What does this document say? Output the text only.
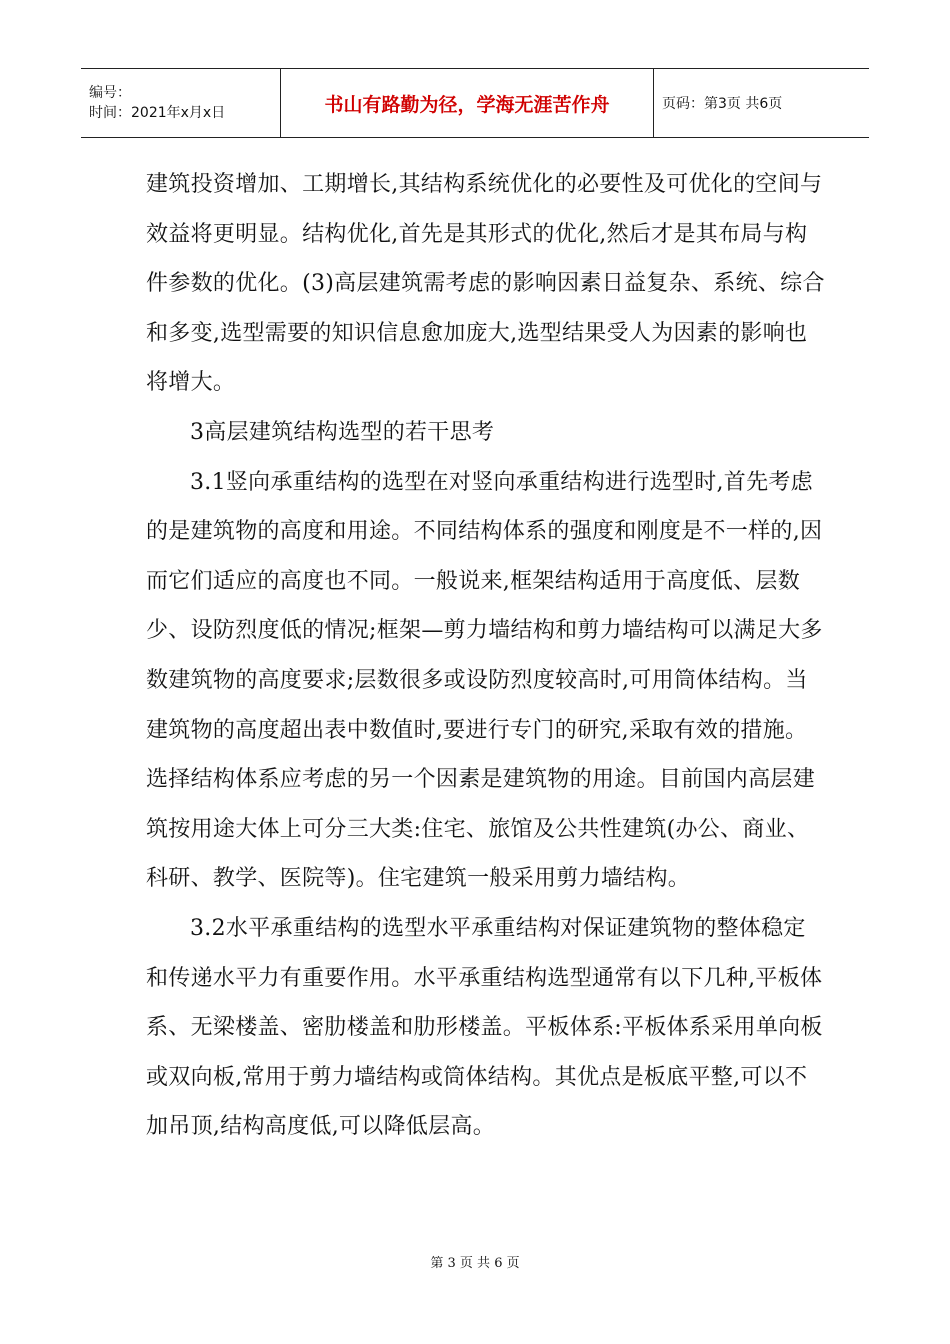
编号：
时间：2021年x月x日	书山有路勤为径，学海无涯苦作舟	页码：第3页 共6页

建筑投资增加、工期增长,其结构系统优化的必要性及可优化的空间与效益将更明显。结构优化,首先是其形式的优化,然后才是其布局与构件参数的优化。(3)高层建筑需考虑的影响因素日益复杂、系统、综合和多变,选型需要的知识信息愈加庞大,选型结果受人为因素的影响也将增大。

3高层建筑结构选型的若干思考

3.1竖向承重结构的选型在对竖向承重结构进行选型时,首先考虑的是建筑物的高度和用途。不同结构体系的强度和刚度是不一样的,因而它们适应的高度也不同。一般说来,框架结构适用于高度低、层数少、设防烈度低的情况;框架—剪力墙结构和剪力墙结构可以满足大多数建筑物的高度要求;层数很多或设防烈度较高时,可用筒体结构。当建筑物的高度超出表中数值时,要进行专门的研究,采取有效的措施。选择结构体系应考虑的另一个因素是建筑物的用途。目前国内高层建筑按用途大体上可分三大类:住宅、旅馆及公共性建筑(办公、商业、科研、教学、医院等)。住宅建筑一般采用剪力墙结构。

3.2水平承重结构的选型水平承重结构对保证建筑物的整体稳定和传递水平力有重要作用。水平承重结构选型通常有以下几种,平板体系、无梁楼盖、密肋楼盖和肋形楼盖。平板体系:平板体系采用单向板或双向板,常用于剪力墙结构或筒体结构。其优点是板底平整,可以不加吊顶,结构高度低,可以降低层高。

第 3 页 共 6 页
